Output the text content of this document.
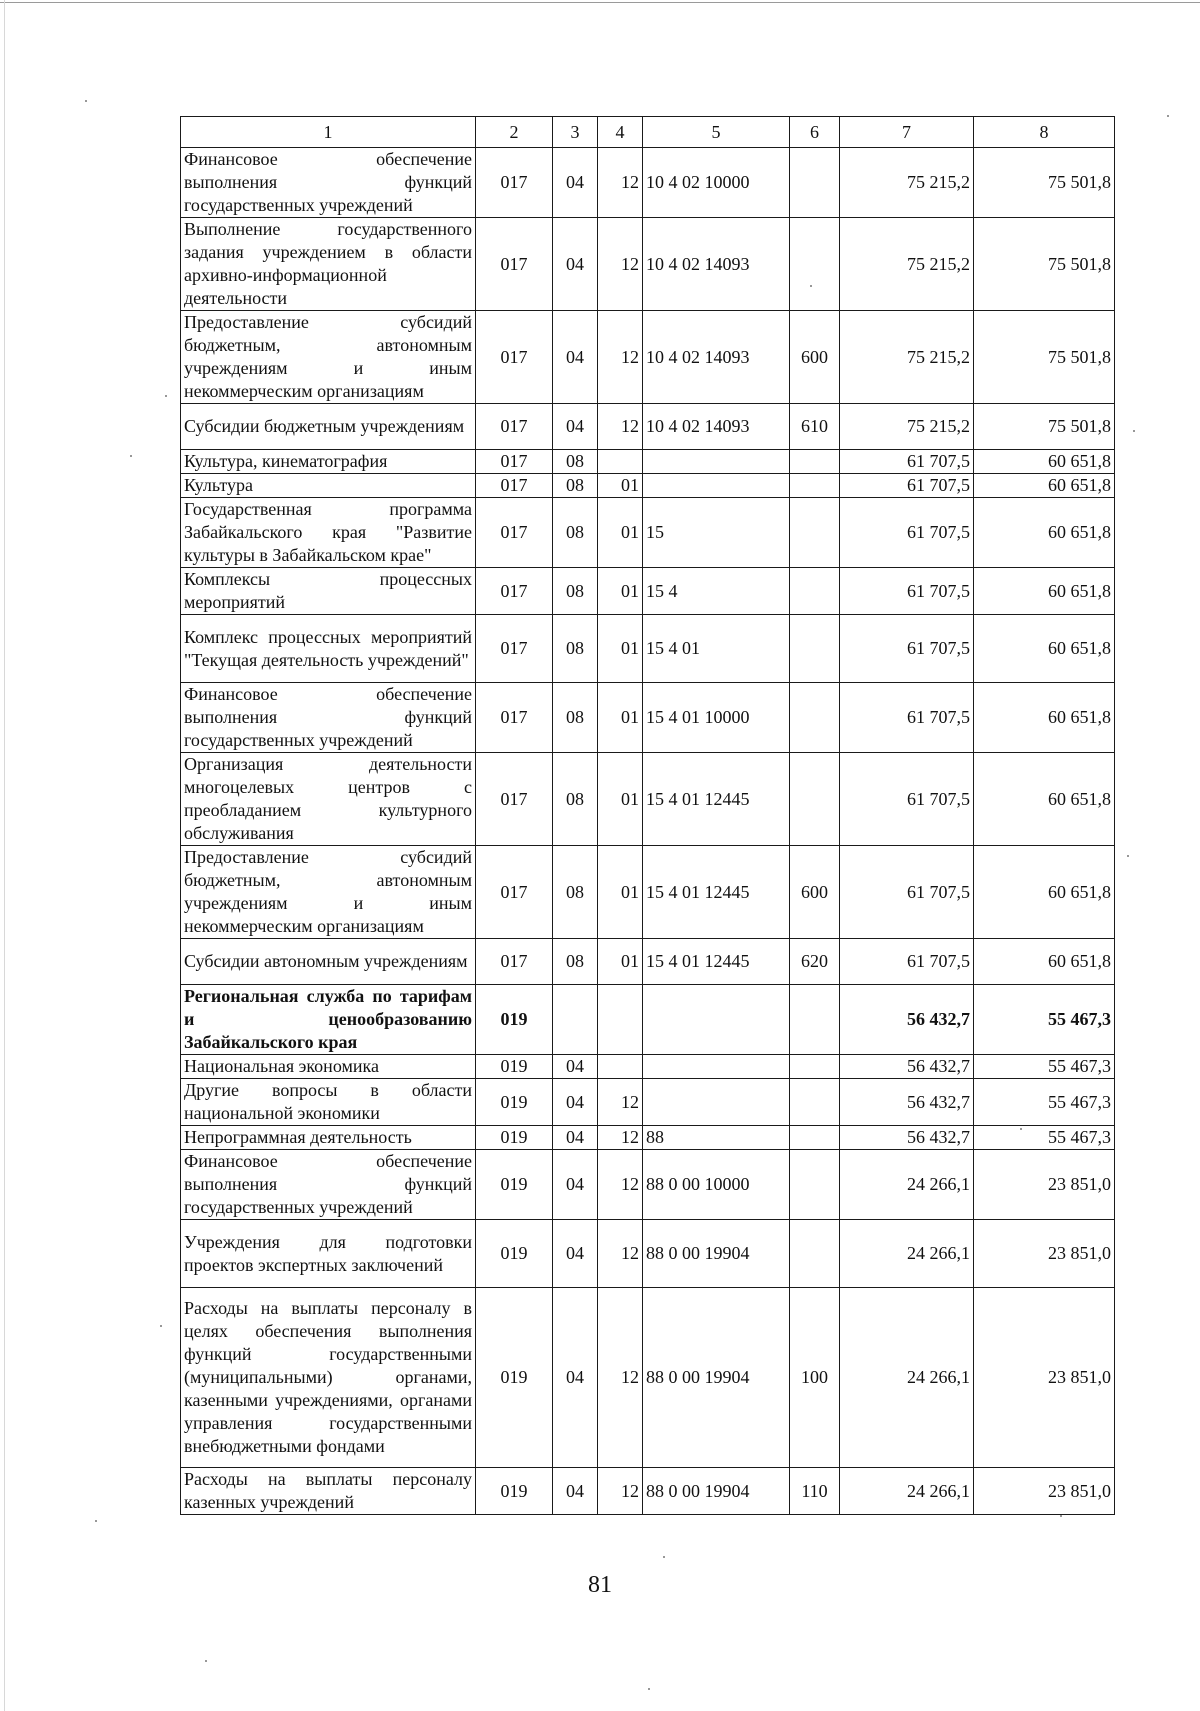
1	2	3	4	5	6	7	8
Финансовое обеспечение выполнения функций государственных учреждений	017	04	12	10 4 02 10000		75 215,2	75 501,8
Выполнение государственного задания учреждением в области архивно-информационной деятельности	017	04	12	10 4 02 14093		75 215,2	75 501,8
Предоставление субсидий бюджетным, автономным учреждениям и иным некоммерческим организациям	017	04	12	10 4 02 14093	600	75 215,2	75 501,8
Субсидии бюджетным учреждениям	017	04	12	10 4 02 14093	610	75 215,2	75 501,8
Культура, кинематография	017	08				61 707,5	60 651,8
Культура	017	08	01			61 707,5	60 651,8
Государственная программа Забайкальского края "Развитие культуры в Забайкальском крае"	017	08	01	15		61 707,5	60 651,8
Комплексы процессных мероприятий	017	08	01	15 4		61 707,5	60 651,8
Комплекс процессных мероприятий "Текущая деятельность учреждений"	017	08	01	15 4 01		61 707,5	60 651,8
Финансовое обеспечение выполнения функций государственных учреждений	017	08	01	15 4 01 10000		61 707,5	60 651,8
Организация деятельности многоцелевых центров с преобладанием культурного обслуживания	017	08	01	15 4 01 12445		61 707,5	60 651,8
Предоставление субсидий бюджетным, автономным учреждениям и иным некоммерческим организациям	017	08	01	15 4 01 12445	600	61 707,5	60 651,8
Субсидии автономным учреждениям	017	08	01	15 4 01 12445	620	61 707,5	60 651,8
Региональная служба по тарифам и ценообразованию Забайкальского края	019					56 432,7	55 467,3
Национальная экономика	019	04				56 432,7	55 467,3
Другие вопросы в области национальной экономики	019	04	12			56 432,7	55 467,3
Непрограммная деятельность	019	04	12	88		56 432,7	55 467,3
Финансовое обеспечение выполнения функций государственных учреждений	019	04	12	88 0 00 10000		24 266,1	23 851,0
Учреждения для подготовки проектов экспертных заключений	019	04	12	88 0 00 19904		24 266,1	23 851,0
Расходы на выплаты персоналу в целях обеспечения выполнения функций государственными (муниципальными) органами, казенными учреждениями, органами управления государственными внебюджетными фондами	019	04	12	88 0 00 19904	100	24 266,1	23 851,0
Расходы на выплаты персоналу казенных учреждений	019	04	12	88 0 00 19904	110	24 266,1	23 851,0
81
